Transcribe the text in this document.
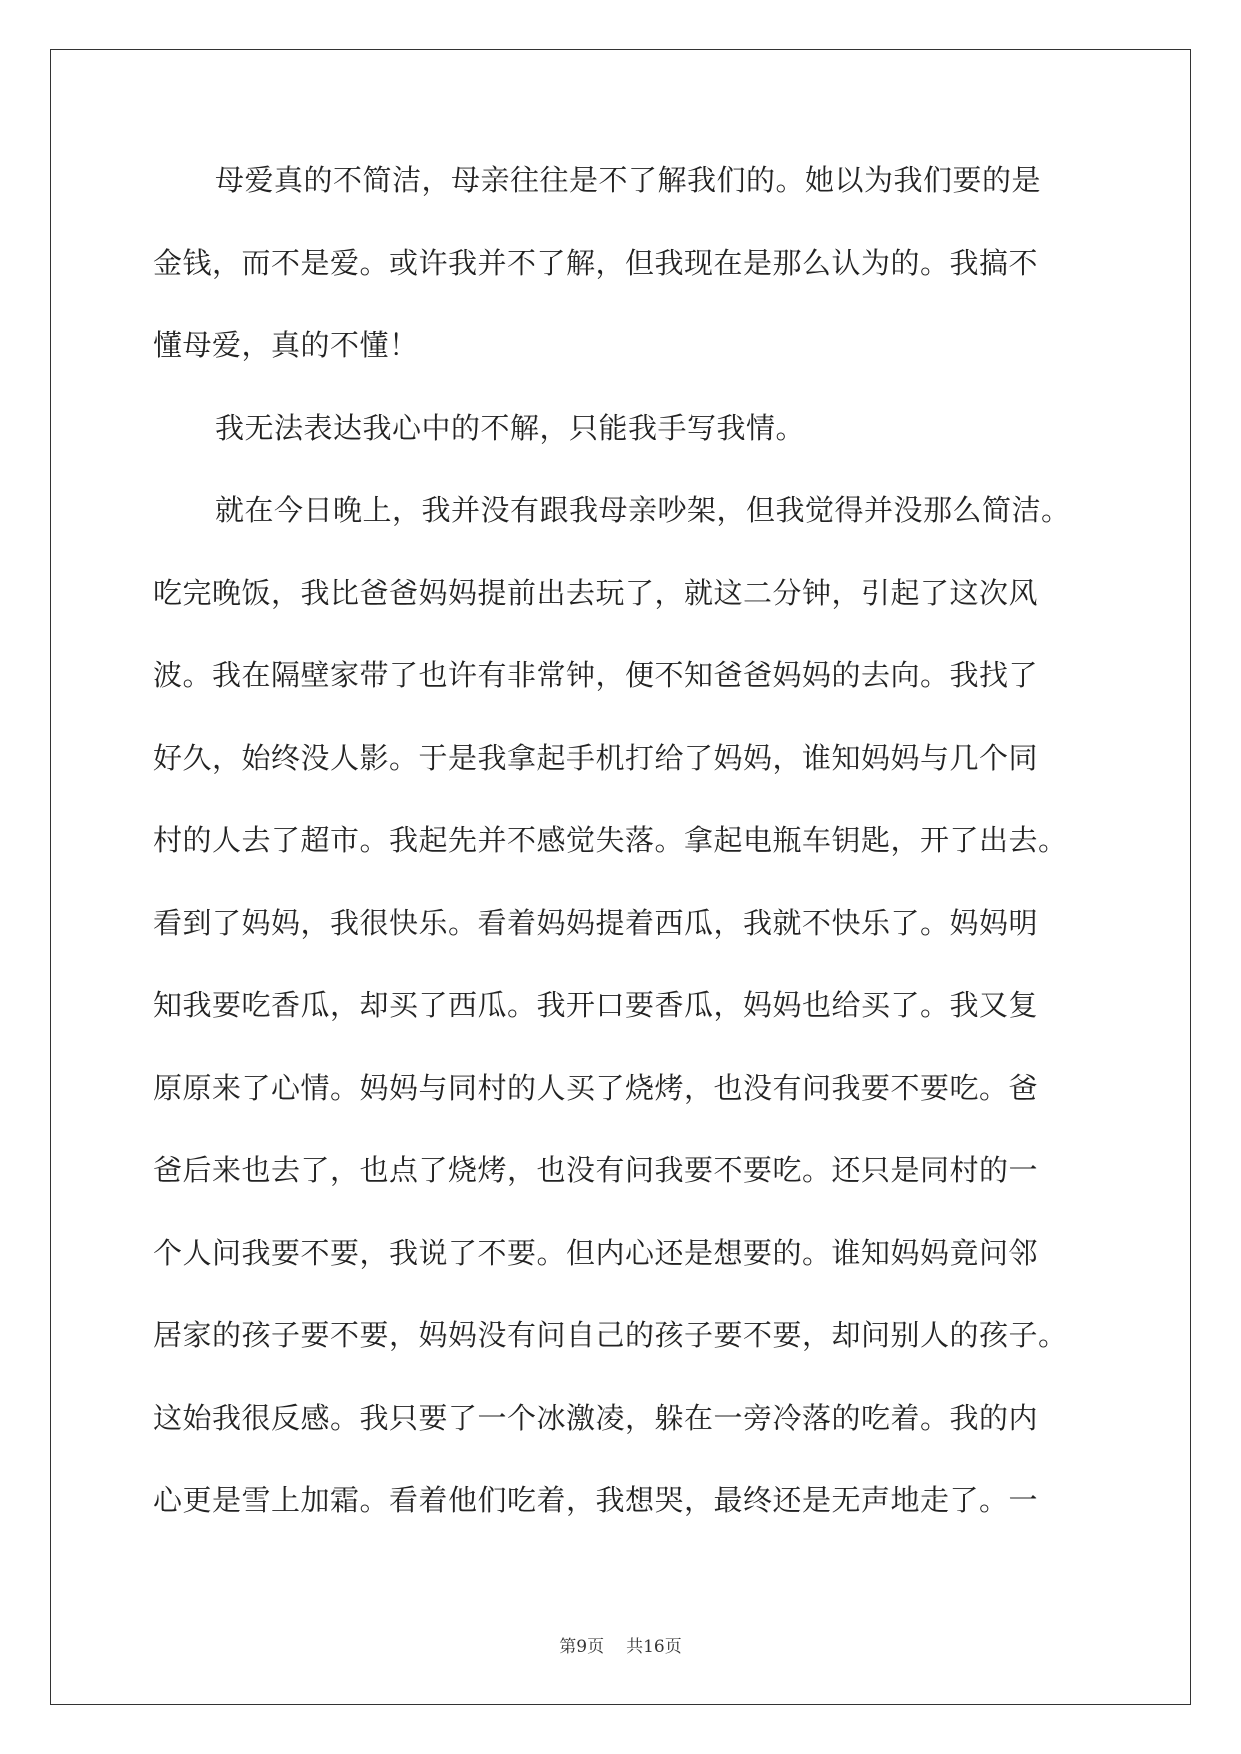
母爱真的不简洁，母亲往往是不了解我们的。她以为我们要的是
金钱，而不是爱。或许我并不了解，但我现在是那么认为的。我搞不
懂母爱，真的不懂！
我无法表达我心中的不解，只能我手写我情。
就在今日晚上，我并没有跟我母亲吵架，但我觉得并没那么简洁。
吃完晚饭，我比爸爸妈妈提前出去玩了，就这二分钟，引起了这次风
波。我在隔壁家带了也许有非常钟，便不知爸爸妈妈的去向。我找了
好久，始终没人影。于是我拿起手机打给了妈妈，谁知妈妈与几个同
村的人去了超市。我起先并不感觉失落。拿起电瓶车钥匙，开了出去。
看到了妈妈，我很快乐。看着妈妈提着西瓜，我就不快乐了。妈妈明
知我要吃香瓜，却买了西瓜。我开口要香瓜，妈妈也给买了。我又复
原原来了心情。妈妈与同村的人买了烧烤，也没有问我要不要吃。爸
爸后来也去了，也点了烧烤，也没有问我要不要吃。还只是同村的一
个人问我要不要，我说了不要。但内心还是想要的。谁知妈妈竟问邻
居家的孩子要不要，妈妈没有问自己的孩子要不要，却问别人的孩子。
这始我很反感。我只要了一个冰激凌，躲在一旁冷落的吃着。我的内
心更是雪上加霜。看着他们吃着，我想哭，最终还是无声地走了。一
第9页 共16页
